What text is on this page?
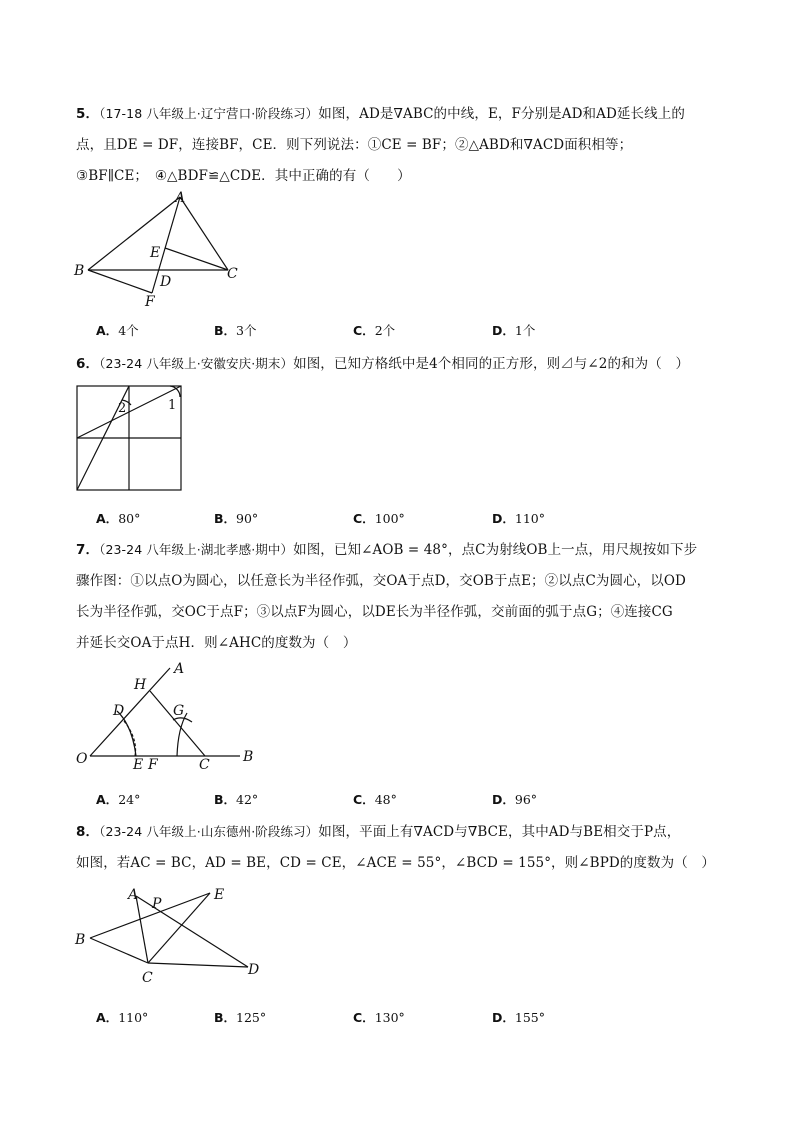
5．（17-18 八年级上·辽宁营口·阶段练习）如图，AD是∇ABC的中线，E，F分别是AD和AD延长线上的
点，且DE = DF，连接BF，CE．则下列说法：①CE = BF；②△ABD和∇ACD面积相等；
③BF∥CE；　④△BDF≌△CDE．其中正确的有（　　）
A
B	C
D
E
F
A．4个	B．3个	C．2个	D．1个
6．（23-24 八年级上·安徽安庆·期末）如图，已知方格纸中是4个相同的正方形，则⊿与∠2的和为（　）
1
2
A．80°	B．90°	C．100°	D．110°
7．（23-24 八年级上·湖北孝感·期中）如图，已知∠AOB = 48°，点C为射线OB上一点，用尺规按如下步
骤作图：①以点O为圆心，以任意长为半径作弧，交OA于点D，交OB于点E；②以点C为圆心，以OD
长为半径作弧，交OC于点F；③以点F为圆心，以DE长为半径作弧，交前面的弧于点G；④连接CG
并延长交OA于点H．则∠AHC的度数为（　）
O
A
B
C
D
E F
G
H
A．24°	B．42°	C．48°	D．96°
8．（23-24 八年级上·山东德州·阶段练习）如图，平面上有∇ACD与∇BCE，其中AD与BE相交于P点，
如图，若AC = BC，AD = BE，CD = CE，∠ACE = 55°，∠BCD = 155°，则∠BPD的度数为（　）
A
B
C	D
E
P
A．110°	B．125°	C．130°	D．155°
